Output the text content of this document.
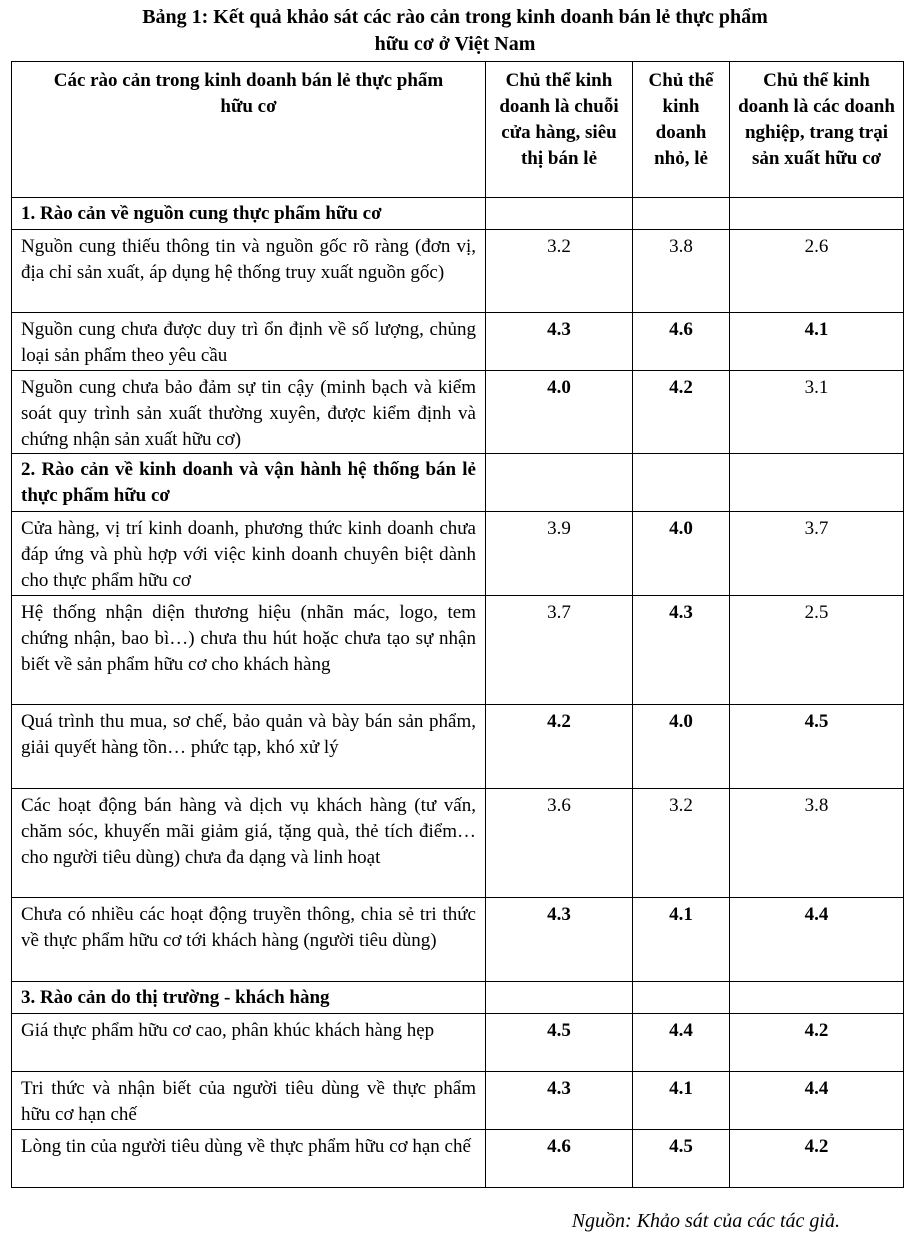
Bảng 1: Kết quả khảo sát các rào cản trong kinh doanh bán lẻ thực phẩm
hữu cơ ở Việt Nam
Các rào cản trong kinh doanh bán lẻ thực phẩm hữu cơ	Chủ thể kinh doanh là chuỗi cửa hàng, siêu thị bán lẻ	Chủ thể kinh doanh nhỏ, lẻ	Chủ thể kinh doanh là các doanh nghiệp, trang trại sản xuất hữu cơ
1. Rào cản về nguồn cung thực phẩm hữu cơ			
Nguồn cung thiếu thông tin và nguồn gốc rõ ràng (đơn vị, địa chỉ sản xuất, áp dụng hệ thống truy xuất nguồn gốc)	3.2	3.8	2.6
Nguồn cung chưa được duy trì ổn định về số lượng, chủng loại sản phẩm theo yêu cầu	4.3	4.6	4.1
Nguồn cung chưa bảo đảm sự tin cậy (minh bạch và kiểm soát quy trình sản xuất thường xuyên, được kiểm định và chứng nhận sản xuất hữu cơ)	4.0	4.2	3.1
2. Rào cản về kinh doanh và vận hành hệ thống bán lẻ thực phẩm hữu cơ			
Cửa hàng, vị trí kinh doanh, phương thức kinh doanh chưa đáp ứng và phù hợp với việc kinh doanh chuyên biệt dành cho thực phẩm hữu cơ	3.9	4.0	3.7
Hệ thống nhận diện thương hiệu (nhãn mác, logo, tem chứng nhận, bao bì…) chưa thu hút hoặc chưa tạo sự nhận biết về sản phẩm hữu cơ cho khách hàng	3.7	4.3	2.5
Quá trình thu mua, sơ chế, bảo quản và bày bán sản phẩm, giải quyết hàng tồn… phức tạp, khó xử lý	4.2	4.0	4.5
Các hoạt động bán hàng và dịch vụ khách hàng (tư vấn, chăm sóc, khuyến mãi giảm giá, tặng quà, thẻ tích điểm… cho người tiêu dùng) chưa đa dạng và linh hoạt	3.6	3.2	3.8
Chưa có nhiều các hoạt động truyền thông, chia sẻ tri thức về thực phẩm hữu cơ tới khách hàng (người tiêu dùng)	4.3	4.1	4.4
3. Rào cản do thị trường - khách hàng			
Giá thực phẩm hữu cơ cao, phân khúc khách hàng hẹp	4.5	4.4	4.2
Tri thức và nhận biết của người tiêu dùng về thực phẩm hữu cơ hạn chế	4.3	4.1	4.4
Lòng tin của người tiêu dùng về thực phẩm hữu cơ hạn chế	4.6	4.5	4.2
Nguồn: Khảo sát của các tác giả.
